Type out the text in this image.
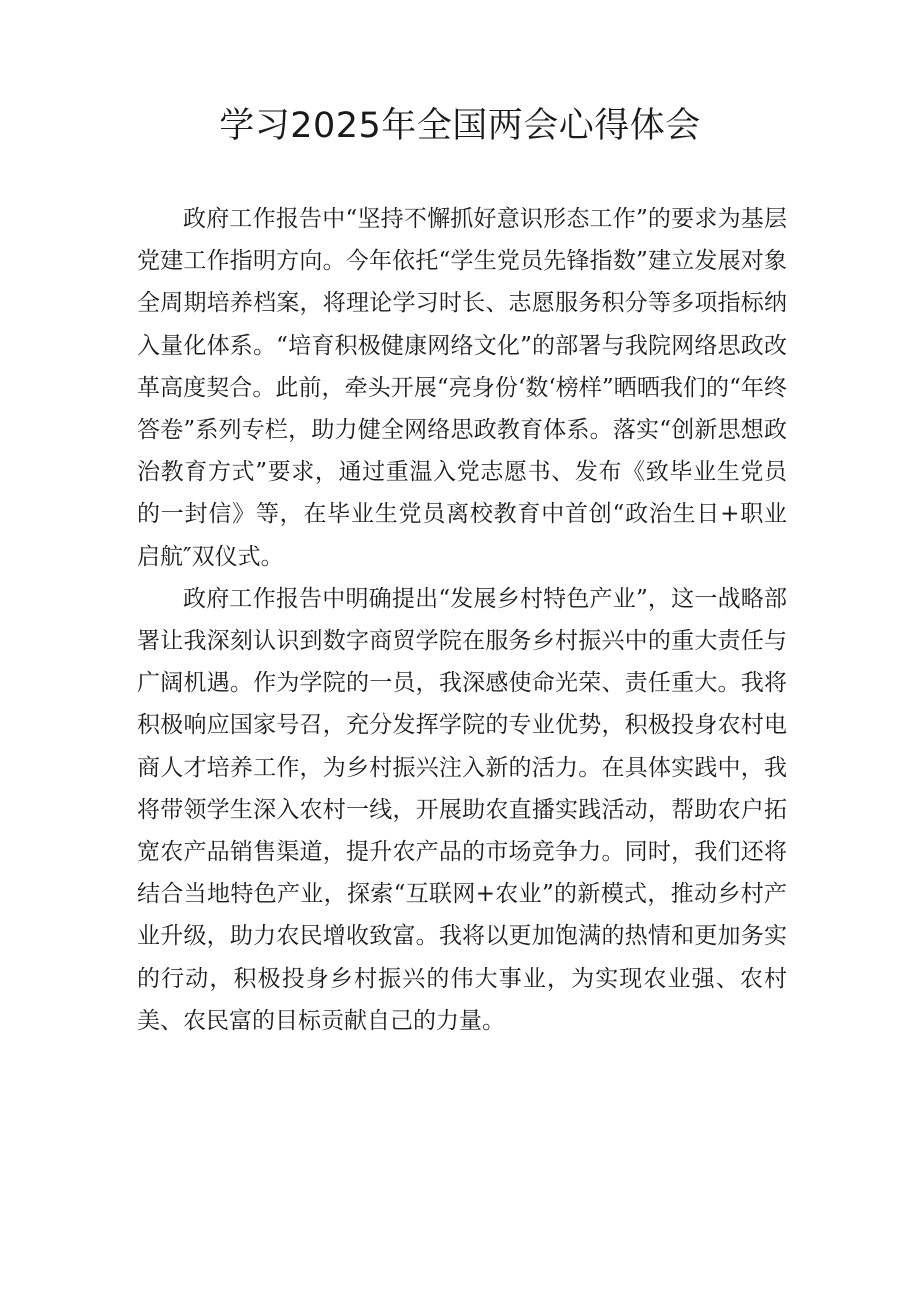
学习2025年全国两会心得体会

政府工作报告中“坚持不懈抓好意识形态工作”的要求为基层党建工作指明方向。今年依托“学生党员先锋指数”建立发展对象全周期培养档案，将理论学习时长、志愿服务积分等多项指标纳入量化体系。“培育积极健康网络文化”的部署与我院网络思政改革高度契合。此前，牵头开展“亮身份‘数‘榜样”晒晒我们的“年终答卷”系列专栏，助力健全网络思政教育体系。落实“创新思想政治教育方式”要求，通过重温入党志愿书、发布《致毕业生党员的一封信》等，在毕业生党员离校教育中首创“政治生日+职业启航″双仪式。

政府工作报告中明确提出“发展乡村特色产业”，这一战略部署让我深刻认识到数字商贸学院在服务乡村振兴中的重大责任与广阔机遇。作为学院的一员，我深感使命光荣、责任重大。我将积极响应国家号召，充分发挥学院的专业优势，积极投身农村电商人才培养工作，为乡村振兴注入新的活力。在具体实践中，我将带领学生深入农村一线，开展助农直播实践活动，帮助农户拓宽农产品销售渠道，提升农产品的市场竞争力。同时，我们还将结合当地特色产业，探索“互联网+农业”的新模式，推动乡村产业升级，助力农民增收致富。我将以更加饱满的热情和更加务实的行动，积极投身乡村振兴的伟大事业，为实现农业强、农村美、农民富的目标贡献自己的力量。
